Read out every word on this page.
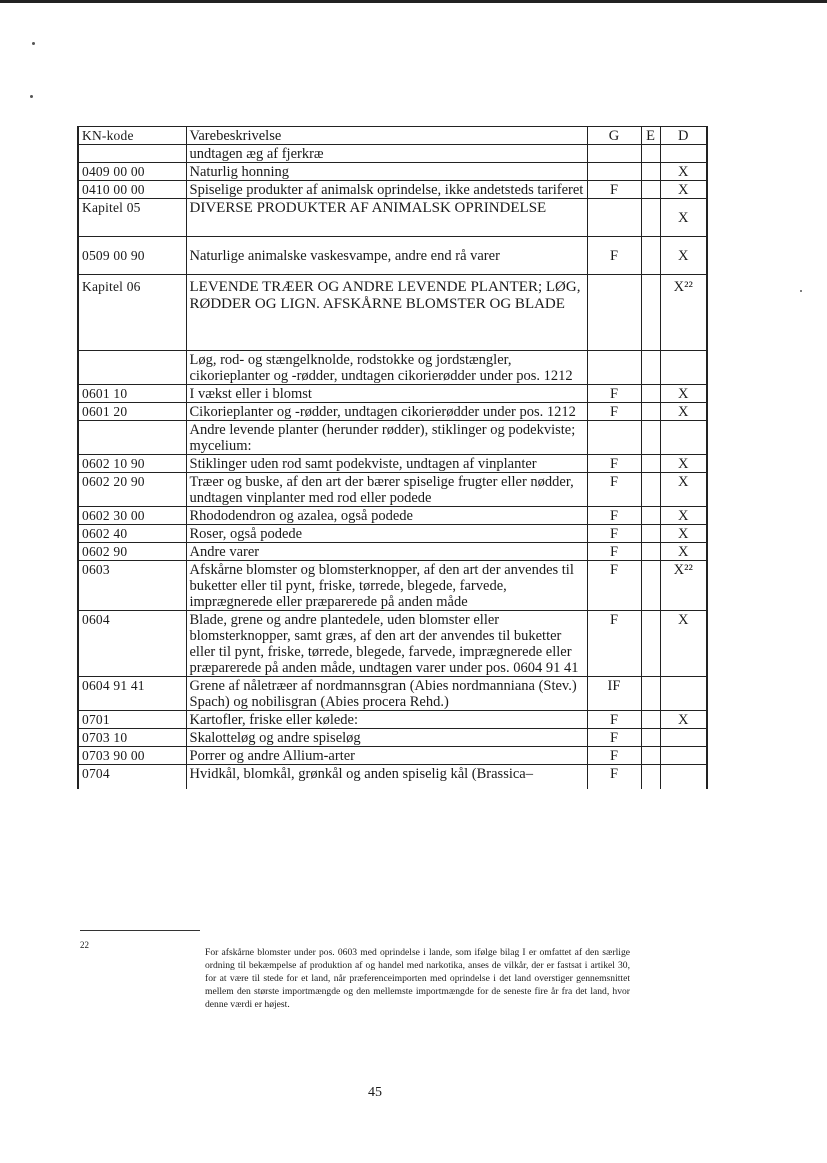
KN-kode	Varebeskrivelse	G	E	D
	undtagen æg af fjerkræ			
0409 00 00	Naturlig honning			X
0410 00 00	Spiselige produkter af animalsk oprindelse, ikke andetsteds tariferet	F		X
Kapitel 05	DIVERSE PRODUKTER AF ANIMALSK OPRINDELSE			X
0509 00 90	Naturlige animalske vaskesvampe, andre end rå varer	F		X
Kapitel 06	LEVENDE TRÆER OG ANDRE LEVENDE PLANTER; LØG, RØDDER OG LIGN. AFSKÅRNE BLOMSTER OG BLADE			X²²
	Løg, rod- og stængelknolde, rodstokke og jordstængler, cikorieplanter og -rødder, undtagen cikorierødder under pos. 1212			
0601 10	I vækst eller i blomst	F		X
0601 20	Cikorieplanter og -rødder, undtagen cikorierødder under pos. 1212	F		X
	Andre levende planter (herunder rødder), stiklinger og podekviste; mycelium:			
0602 10 90	Stiklinger uden rod samt podekviste, undtagen af vinplanter	F		X
0602 20 90	Træer og buske, af den art der bærer spiselige frugter eller nødder, undtagen vinplanter med rod eller podede	F		X
0602 30 00	Rhododendron og azalea, også podede	F		X
0602 40	Roser, også podede	F		X
0602 90	Andre varer	F		X
0603	Afskårne blomster og blomsterknopper, af den art der anvendes til buketter eller til pynt, friske, tørrede, blegede, farvede, imprægnerede eller præparerede på anden måde	F		X²²
0604	Blade, grene og andre plantedele, uden blomster eller blomsterknopper, samt græs, af den art der anvendes til buketter eller til pynt, friske, tørrede, blegede, farvede, imprægnerede eller præparerede på anden måde, undtagen varer under pos. 0604 91 41	F		X
0604 91 41	Grene af nåletræer af nordmannsgran (Abies nordmanniana (Stev.) Spach) og nobilisgran (Abies procera Rehd.)	IF		
0701	Kartofler, friske eller kølede:	F		X
0703 10	Skalotteløg og andre spiseløg	F		
0703 90 00	Porrer og andre Allium-arter	F		
0704	Hvidkål, blomkål, grønkål og anden spiselig kål (Brassica–	F		
22
For afskårne blomster under pos. 0603 med oprindelse i lande, som ifølge bilag I er omfattet af den særlige ordning til bekæmpelse af produktion af og handel med narkotika, anses de vilkår, der er fastsat i artikel 30, for at være til stede for et land, når præferenceimporten med oprindelse i det land overstiger gennemsnittet mellem den største importmængde og den mellemste importmængde for de seneste fire år fra det land, hvor denne værdi er højest.
45
